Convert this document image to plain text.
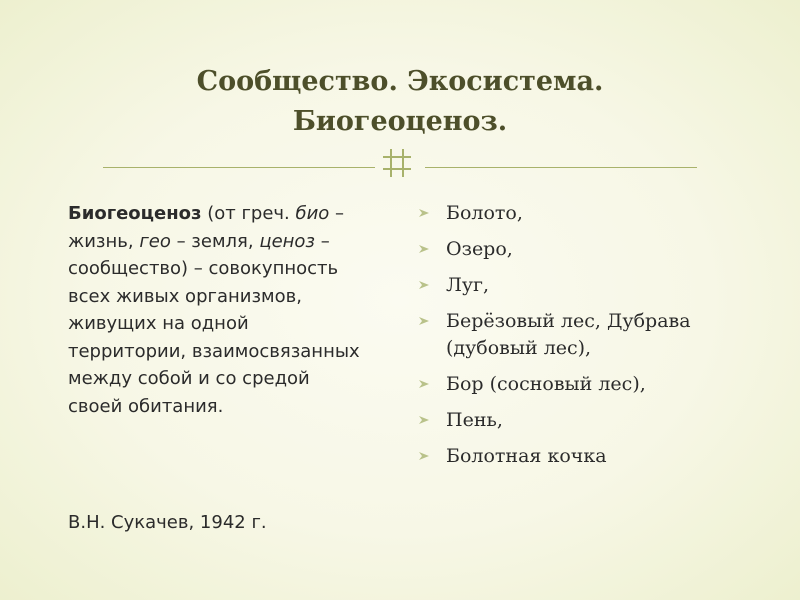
Сообщество. Экосистема.
Биогеоценоз.
Биогеоценоз (от греч. био – жизнь, гео – земля, ценоз – сообщество) – совокупность всех живых организмов, живущих на одной территории, взаимосвязанных между собой и со средой своей обитания.
В.Н. Сукачев, 1942 г.
Болото,
Озеро,
Луг,
Берёзовый лес, Дубрава (дубовый лес),
Бор (сосновый лес),
Пень,
Болотная кочка
